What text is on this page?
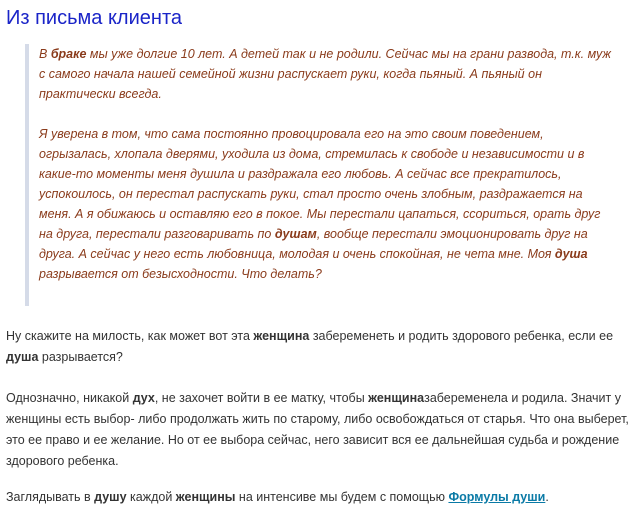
Из письма клиента

В браке мы уже долгие 10 лет. А детей так и не родили. Сейчас мы на грани развода, т.к. муж с самого начала нашей семейной жизни распускает руки, когда пьяный. А пьяный он практически всегда.

Я уверена в том, что сама постоянно провоцировала его на это своим поведением, огрызалась, хлопала дверями, уходила из дома, стремилась к свободе и независимости и в какие-то моменты меня душила и раздражала его любовь. А сейчас все прекратилось, успокоилось, он перестал распускать руки, стал просто очень злобным, раздражается на меня. А я обижаюсь и оставляю его в покое. Мы перестали цапаться, ссориться, орать друг на друга, перестали разговаривать по душам, вообще перестали эмоционировать друг на друга. А сейчас у него есть любовница, молодая и очень спокойная, не чета мне. Моя душа разрывается от безысходности. Что делать?

Ну скажите на милость, как может вот эта женщина забеременеть и родить здорового ребенка, если ее душа разрывается?

Однозначно, никакой дух, не захочет войти в ее матку, чтобы женщиназабеременела и родила. Значит у женщины есть выбор- либо продолжать жить по старому, либо освобождаться от старья. Что она выберет, это ее право и ее желание. Но от ее выбора сейчас, него зависит вся ее дальнейшая судьба и рождение здорового ребенка.

Заглядывать в душу каждой женщины на интенсиве мы будем с помощью Формулы души.
